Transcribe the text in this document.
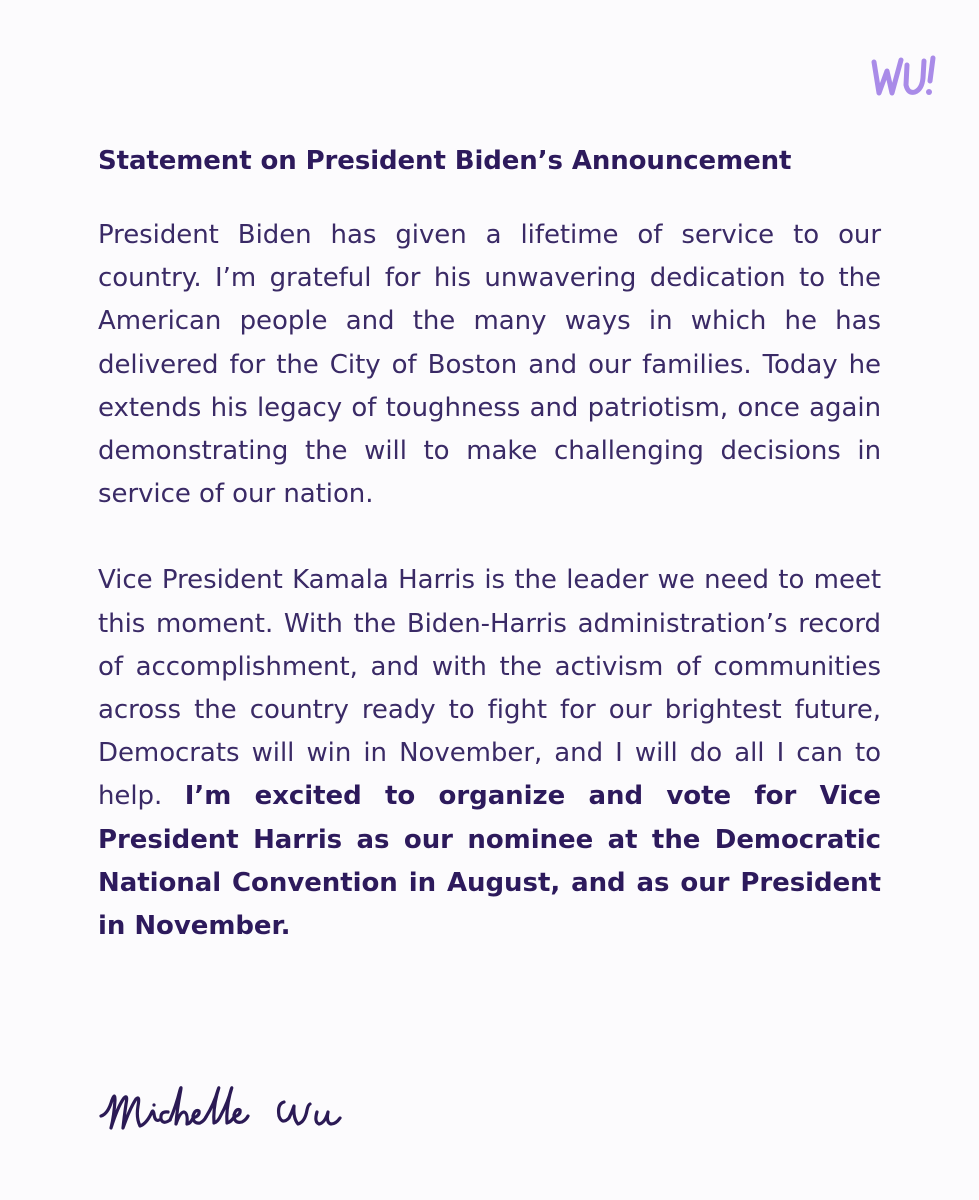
Statement on President Biden’s Announcement

President Biden has given a lifetime of service to our country. I’m grateful for his unwavering dedication to the American people and the many ways in which he has delivered for the City of Boston and our families. Today he extends his legacy of toughness and patriotism, once again demonstrating the will to make challenging decisions in service of our nation.

Vice President Kamala Harris is the leader we need to meet this moment. With the Biden-Harris administration’s record of accomplishment, and with the activism of communities across the country ready to fight for our brightest future, Democrats will win in November, and I will do all I can to help. I’m excited to organize and vote for Vice President Harris as our nominee at the Democratic National Convention in August, and as our President in November.
